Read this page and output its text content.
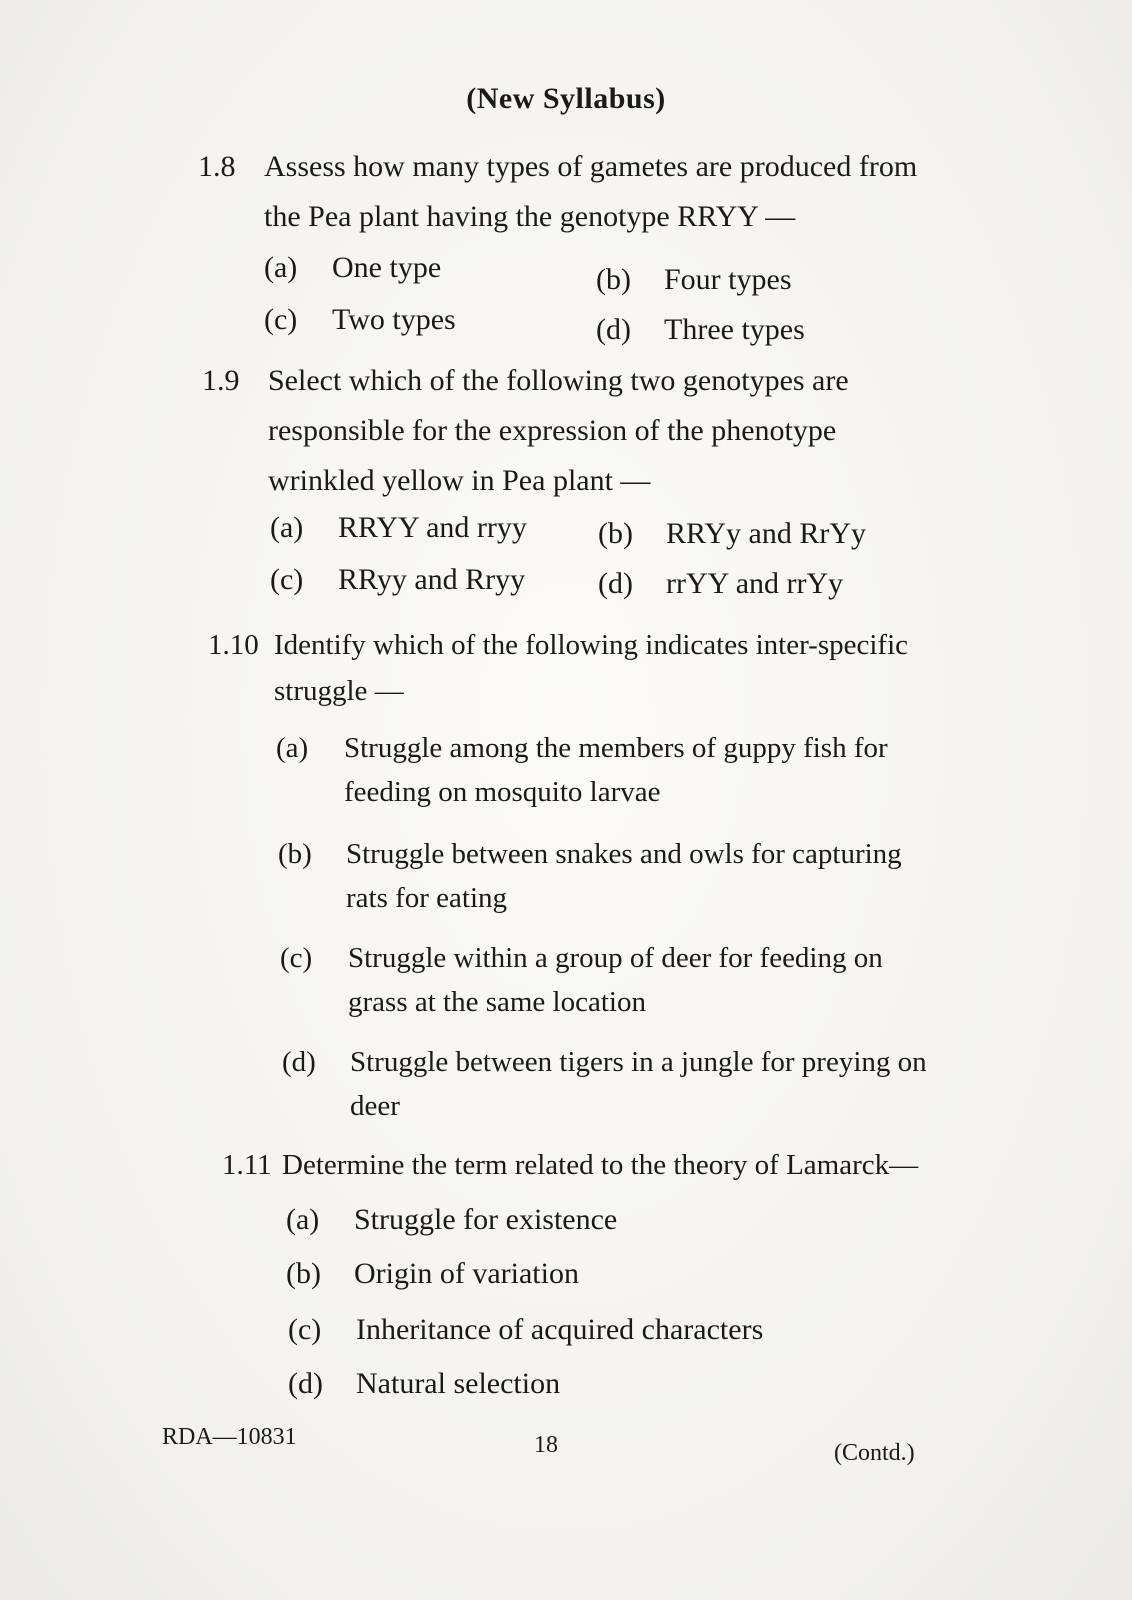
(New Syllabus)
1.8 Assess how many types of gametes are produced from the Pea plant having the genotype RRYY —
(a) One type	(b) Four types
(c) Two types	(d) Three types
1.9 Select which of the following two genotypes are responsible for the expression of the phenotype wrinkled yellow in Pea plant —
(a) RRYY and rryy (b) RRYy and RrYy
(c) RRyy and Rryy (d) rrYY and rrYy
1.10 Identify which of the following indicates inter-specific struggle —
(a) Struggle among the members of guppy fish for feeding on mosquito larvae
(b) Struggle between snakes and owls for capturing rats for eating
(c) Struggle within a group of deer for feeding on grass at the same location
(d) Struggle between tigers in a jungle for preying on deer
1.11 Determine the term related to the theory of Lamarck—
(a) Struggle for existence
(b) Origin of variation
(c) Inheritance of acquired characters
(d) Natural selection
RDA—10831	18	(Contd.)
